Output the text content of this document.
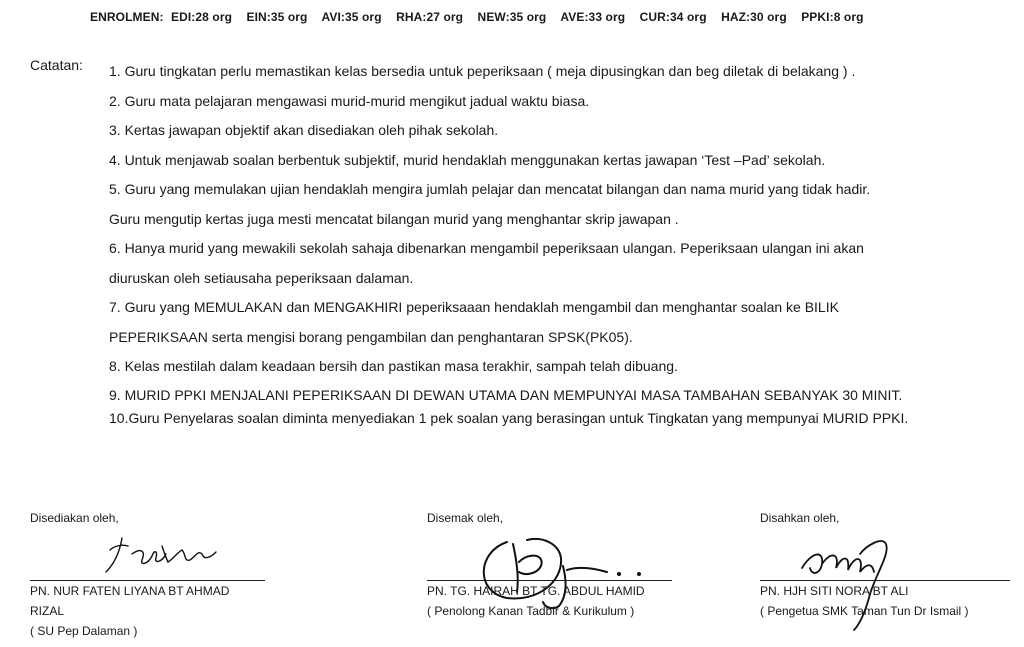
ENROLMEN: EDI:28 org EIN:35 org AVI:35 org RHA:27 org NEW:35 org AVE:33 org CUR:34 org HAZ:30 org PPKI:8 org
Catatan: 1. Guru tingkatan perlu memastikan kelas bersedia untuk peperiksaan ( meja dipusingkan dan beg diletak di belakang ) .
2. Guru mata pelajaran mengawasi murid-murid mengikut jadual waktu biasa.
3. Kertas jawapan objektif akan disediakan oleh pihak sekolah.
4. Untuk menjawab soalan berbentuk subjektif, murid hendaklah menggunakan kertas jawapan ‘Test –Pad’ sekolah.
5. Guru yang memulakan ujian hendaklah mengira jumlah pelajar dan mencatat bilangan dan nama murid yang tidak hadir.
Guru mengutip kertas juga mesti mencatat bilangan murid yang menghantar skrip jawapan .
6. Hanya murid yang mewakili sekolah sahaja dibenarkan mengambil peperiksaan ulangan. Peperiksaan ulangan ini akan
diuruskan oleh setiausaha peperiksaan dalaman.
7. Guru yang MEMULAKAN dan MENGAKHIRI peperiksaaan hendaklah mengambil dan menghantar soalan ke BILIK
PEPERIKSAAN serta mengisi borang pengambilan dan penghantaran SPSK(PK05).
8. Kelas mestilah dalam keadaan bersih dan pastikan masa terakhir, sampah telah dibuang.
9. MURID PPKI MENJALANI PEPERIKSAAN DI DEWAN UTAMA DAN MEMPUNYAI MASA TAMBAHAN SEBANYAK 30 MINIT.
10.Guru Penyelaras soalan diminta menyediakan 1 pek soalan yang berasingan untuk Tingkatan yang mempunyai MURID PPKI.
Disediakan oleh,
PN. NUR FATEN LIYANA BT AHMAD RIZAL
( SU Pep Dalaman )
Disemak oleh,
PN. TG. HAIRAH BT TG. ABDUL HAMID
( Penolong Kanan Tadbir & Kurikulum )
Disahkan oleh,
PN. HJH SITI NORA BT ALI
( Pengetua SMK Taman Tun Dr Ismail )
